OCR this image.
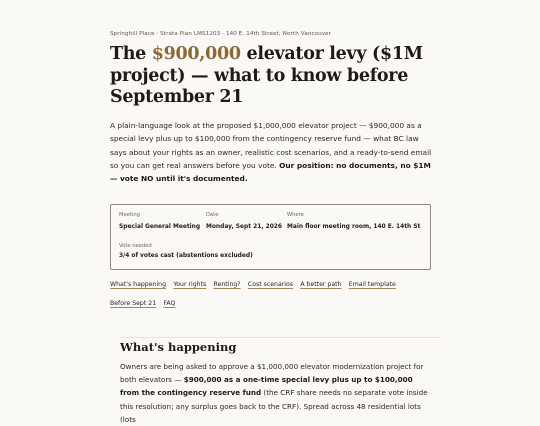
Springhill Place · Strata Plan LMS1203 · 140 E. 14th Street, North Vancouver
The $900,000 elevator levy ($1M project) — what to know before September 21

A plain-language look at the proposed $1,000,000 elevator project — $900,000 as a special levy plus up to $100,000 from the contingency reserve fund — what BC law says about your rights as an owner, realistic cost scenarios, and a ready-to-send email so you can get real answers before you vote. Our position: no documents, no $1M — vote NO until it's documented.

Meeting
Special General Meeting
Date
Monday, Sept 21, 2026
Where
Main floor meeting room, 140 E. 14th St
Vote needed
3/4 of votes cast (abstentions excluded)
What's happening Your rights Renting? Cost scenarios A better path Email template
Before Sept 21 FAQ
What's happening

Owners are being asked to approve a $1,000,000 elevator modernization project for both elevators — $900,000 as a one-time special levy plus up to $100,000 from the contingency reserve fund (the CRF share needs no separate vote inside this resolution; any surplus goes back to the CRF). Spread across 48 residential lots (lots
